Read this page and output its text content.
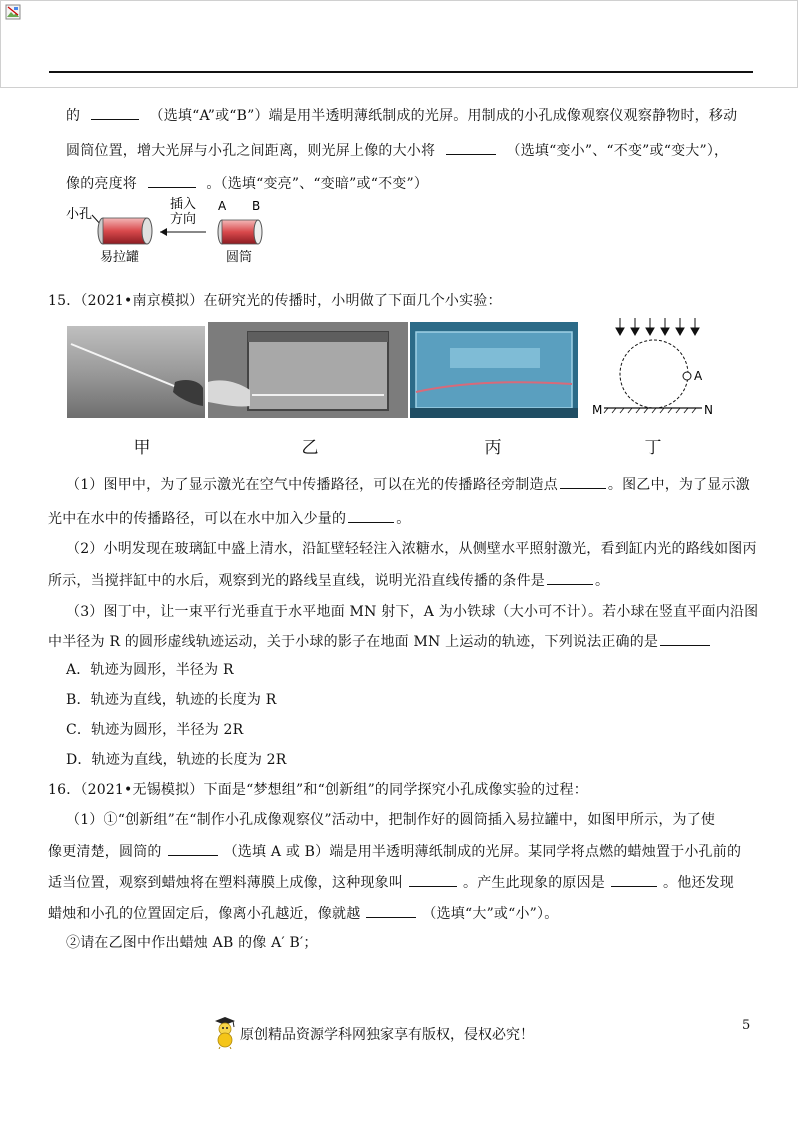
的	（选填“A”或“B”）端是用半透明薄纸制成的光屏。用制成的小孔成像观察仪观察静物时，移动
圆筒位置，增大光屏与小孔之间距离，则光屏上像的大小将	（选填“变小”、“不变”或“变大”），
像的亮度将	。（选填“变亮”、“变暗”或“不变”）
小孔
易拉罐
插入
方向
A B
圆筒
15．（2021•南京模拟）在研究光的传播时，小明做了下面几个小实验：
A
M	N
甲	乙	丙	丁
（1）图甲中，为了显示激光在空气中传播路径，可以在光的传播路径旁制造点	。图乙中，为了显示激
光中在水中的传播路径，可以在水中加入少量的	。
（2）小明发现在玻璃缸中盛上清水，沿缸壁轻轻注入浓糖水，从侧壁水平照射激光，看到缸内光的路线如图丙
所示，当搅拌缸中的水后，观察到光的路线呈直线，说明光沿直线传播的条件是	。
（3）图丁中，让一束平行光垂直于水平地面 MN 射下，A 为小铁球（大小可不计）。若小球在竖直平面内沿图
中半径为 R 的圆形虚线轨迹运动，关于小球的影子在地面 MN 上运动的轨迹，下列说法正确的是
A．轨迹为圆形，半径为 R
B．轨迹为直线，轨迹的长度为 R
C．轨迹为圆形，半径为 2R
D．轨迹为直线，轨迹的长度为 2R
16．（2021•无锡模拟）下面是“梦想组”和“创新组”的同学探究小孔成像实验的过程：
（1）①“创新组”在“制作小孔成像观察仪”活动中，把制作好的圆筒插入易拉罐中，如图甲所示，为了使
像更清楚，圆筒的	（选填 A 或 B）端是用半透明薄纸制成的光屏。某同学将点燃的蜡烛置于小孔前的
适当位置，观察到蜡烛将在塑料薄膜上成像，这种现象叫	。产生此现象的原因是	。他还发现
蜡烛和小孔的位置固定后，像离小孔越近，像就越	（选填“大”或“小”）。
②请在乙图中作出蜡烛 AB 的像 A′ B′；
5
原创精品资源学科网独家享有版权，侵权必究！
